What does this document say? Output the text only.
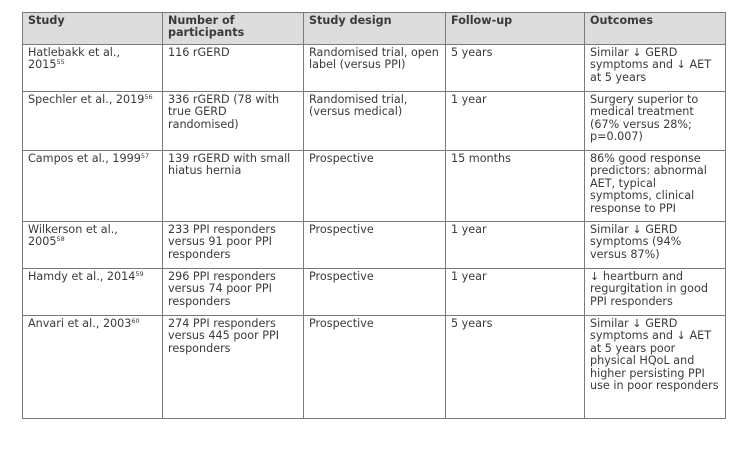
Study	Number of participants	Study design	Follow-up	Outcomes
Hatlebakk et al., 2015$^{55}$	116 rGERD	Randomised trial, open label (versus PPI)	5 years	Similar ↓ GERD symptoms and ↓ AET at 5 years
Spechler et al., 2019$^{56}$	336 rGERD (78 with true GERD randomised)	Randomised trial, (versus medical)	1 year	Surgery superior to medical treatment (67% versus 28%; p=0.007)
Campos et al., 1999$^{57}$	139 rGERD with small hiatus hernia	Prospective	15 months	86% good response predictors: abnormal AET, typical symptoms, clinical response to PPI
Wilkerson et al., 2005$^{58}$	233 PPI responders versus 91 poor PPI responders	Prospective	1 year	Similar ↓ GERD symptoms (94% versus 87%)
Hamdy et al., 2014$^{59}$	296 PPI responders versus 74 poor PPI responders	Prospective	1 year	↓ heartburn and regurgitation in good PPI responders
Anvari et al., 2003$^{60}$	274 PPI responders versus 445 poor PPI responders	Prospective	5 years	Similar ↓ GERD symptoms and ↓ AET at 5 years poor physical HQoL and higher persisting PPI use in poor responders
